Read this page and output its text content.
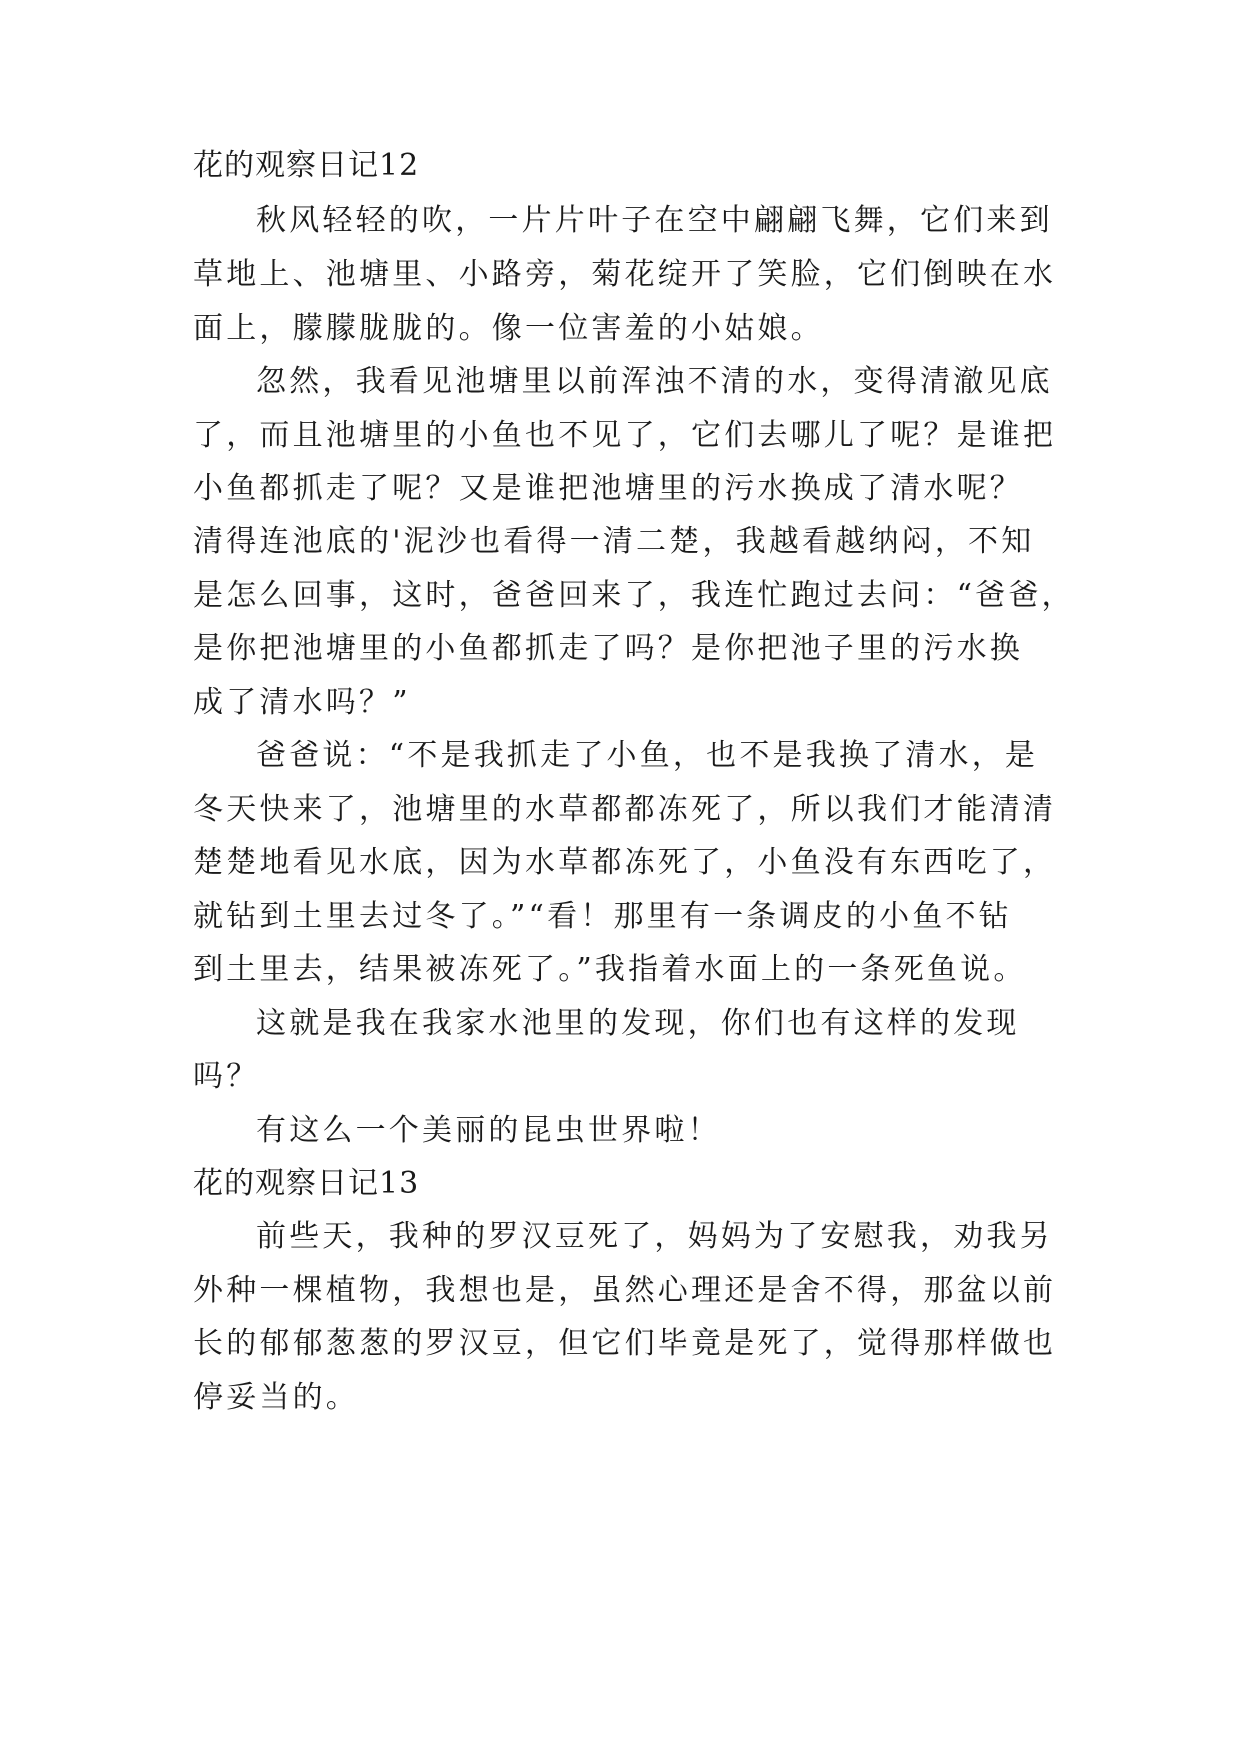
花的观察日记12
秋风轻轻的吹，一片片叶子在空中翩翩飞舞，它们来到
草地上、池塘里、小路旁，菊花绽开了笑脸，它们倒映在水
面上，朦朦胧胧的。像一位害羞的小姑娘。
忽然，我看见池塘里以前浑浊不清的水，变得清澈见底
了，而且池塘里的小鱼也不见了，它们去哪儿了呢？是谁把
小鱼都抓走了呢？又是谁把池塘里的污水换成了清水呢？
清得连池底的'泥沙也看得一清二楚，我越看越纳闷，不知
是怎么回事，这时，爸爸回来了，我连忙跑过去问：“爸爸，
是你把池塘里的小鱼都抓走了吗？是你把池子里的污水换
成了清水吗？”
爸爸说：“不是我抓走了小鱼，也不是我换了清水，是
冬天快来了，池塘里的水草都都冻死了，所以我们才能清清
楚楚地看见水底，因为水草都冻死了，小鱼没有东西吃了，
就钻到土里去过冬了。”“看！那里有一条调皮的小鱼不钻
到土里去，结果被冻死了。”我指着水面上的一条死鱼说。
这就是我在我家水池里的发现，你们也有这样的发现
吗？
有这么一个美丽的昆虫世界啦！
花的观察日记13
前些天，我种的罗汉豆死了，妈妈为了安慰我，劝我另
外种一棵植物，我想也是，虽然心理还是舍不得，那盆以前
长的郁郁葱葱的罗汉豆，但它们毕竟是死了，觉得那样做也
停妥当的。
